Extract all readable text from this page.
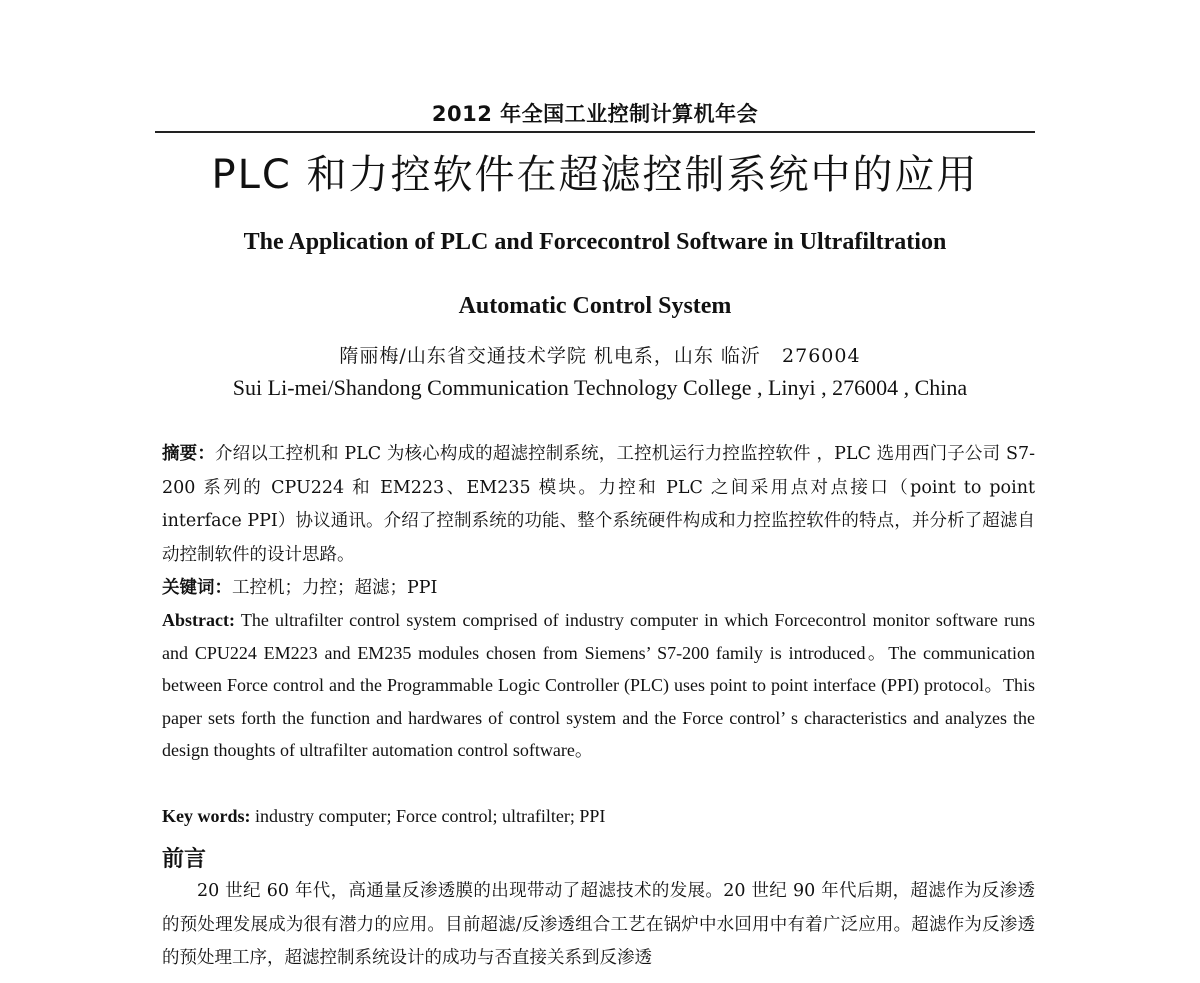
2012 年全国工业控制计算机年会
PLC 和力控软件在超滤控制系统中的应用
The Application of PLC and Forcecontrol Software in Ultrafiltration
Automatic Control System
隋丽梅/山东省交通技术学院 机电系，山东 临沂   276004
Sui Li-mei/Shandong Communication Technology College , Linyi , 276004 , China

摘要：介绍以工控机和 PLC 为核心构成的超滤控制系统，工控机运行力控监控软件 ，PLC 选用西门子公司 S7-200 系列的 CPU224 和 EM223、EM235 模块。力控和 PLC 之间采用点对点接口（point to point interface PPI）协议通讯。介绍了控制系统的功能、整个系统硬件构成和力控监控软件的特点，并分析了超滤自动控制软件的设计思路。

关键词：工控机；力控；超滤；PPI

Abstract: The ultrafilter control system comprised of industry computer in which Forcecontrol monitor software runs and CPU224 EM223 and EM235 modules chosen from Siemens’ S7-200 family is introduced。The communication between Force control and the Programmable Logic Controller (PLC) uses point to point interface (PPI) protocol。This paper sets forth the function and hardwares of control system and the Force control’ s characteristics and analyzes the design thoughts of ultrafilter automation control software。

Key words: industry computer; Force control; ultrafilter; PPI

前言

20 世纪 60 年代，高通量反渗透膜的出现带动了超滤技术的发展。20 世纪 90 年代后期，超滤作为反渗透的预处理发展成为很有潜力的应用。目前超滤/反渗透组合工艺在锅炉中水回用中有着广泛应用。超滤作为反渗透的预处理工序，超滤控制系统设计的成功与否直接关系到反渗透
